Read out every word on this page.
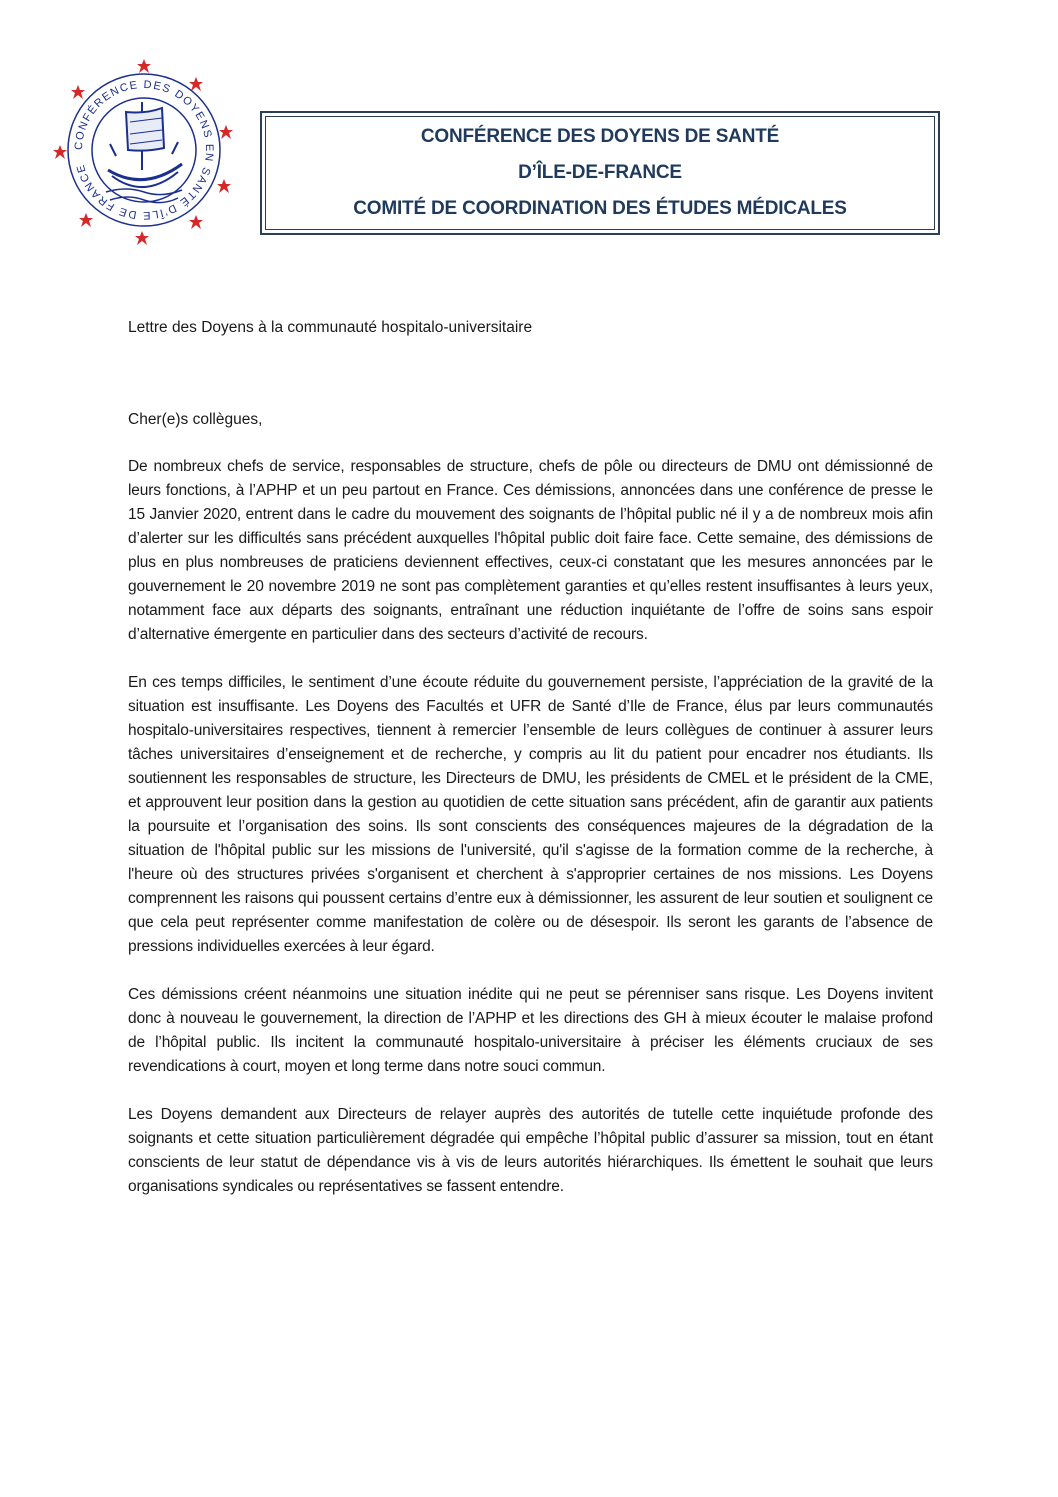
CONFÉRENCE DES DOYENS EN SANTÉ D'ÎLE DE FRANCE
CONFÉRENCE DES DOYENS DE SANTÉ
D’ÎLE-DE-FRANCE
COMITÉ DE COORDINATION DES ÉTUDES MÉDICALES
Lettre des Doyens à la communauté hospitalo-universitaire
Cher(e)s collègues,

De nombreux chefs de service, responsables de structure, chefs de pôle ou directeurs de DMU ont démissionné de leurs fonctions, à l’APHP et un peu partout en France. Ces démissions, annoncées dans une conférence de presse le 15 Janvier 2020, entrent dans le cadre du mouvement des soignants de l’hôpital public né il y a de nombreux mois afin d’alerter sur les difficultés sans précédent auxquelles l'hôpital public doit faire face. Cette semaine, des démissions de plus en plus nombreuses de praticiens deviennent effectives, ceux-ci constatant que les mesures annoncées par le gouvernement le 20 novembre 2019 ne sont pas complètement garanties et qu’elles restent insuffisantes à leurs yeux, notamment face aux départs des soignants, entraînant une réduction inquiétante de l’offre de soins sans espoir d’alternative émergente en particulier dans des secteurs d’activité de recours.

En ces temps difficiles, le sentiment d’une écoute réduite du gouvernement persiste, l’appréciation de la gravité de la situation est insuffisante. Les Doyens des Facultés et UFR de Santé d’Ile de France, élus par leurs communautés hospitalo-universitaires respectives, tiennent à remercier l’ensemble de leurs collègues de continuer à assurer leurs tâches universitaires d’enseignement et de recherche, y compris au lit du patient pour encadrer nos étudiants. Ils soutiennent les responsables de structure, les Directeurs de DMU, les présidents de CMEL et le président de la CME, et approuvent leur position dans la gestion au quotidien de cette situation sans précédent, afin de garantir aux patients la poursuite et l’organisation des soins. Ils sont conscients des conséquences majeures de la dégradation de la situation de l'hôpital public sur les missions de l'université, qu'il s'agisse de la formation comme de la recherche, à l'heure où des structures privées s'organisent et cherchent à s'approprier certaines de nos missions. Les Doyens comprennent les raisons qui poussent certains d’entre eux à démissionner, les assurent de leur soutien et soulignent ce que cela peut représenter comme manifestation de colère ou de désespoir. Ils seront les garants de l’absence de pressions individuelles exercées à leur égard.

Ces démissions créent néanmoins une situation inédite qui ne peut se pérenniser sans risque. Les Doyens invitent donc à nouveau le gouvernement, la direction de l’APHP et les directions des GH à mieux écouter le malaise profond de l’hôpital public. Ils incitent la communauté hospitalo-universitaire à préciser les éléments cruciaux de ses revendications à court, moyen et long terme dans notre souci commun.

Les Doyens demandent aux Directeurs de relayer auprès des autorités de tutelle cette inquiétude profonde des soignants et cette situation particulièrement dégradée qui empêche l’hôpital public d’assurer sa mission, tout en étant conscients de leur statut de dépendance vis à vis de leurs autorités hiérarchiques. Ils émettent le souhait que leurs organisations syndicales ou représentatives se fassent entendre.
